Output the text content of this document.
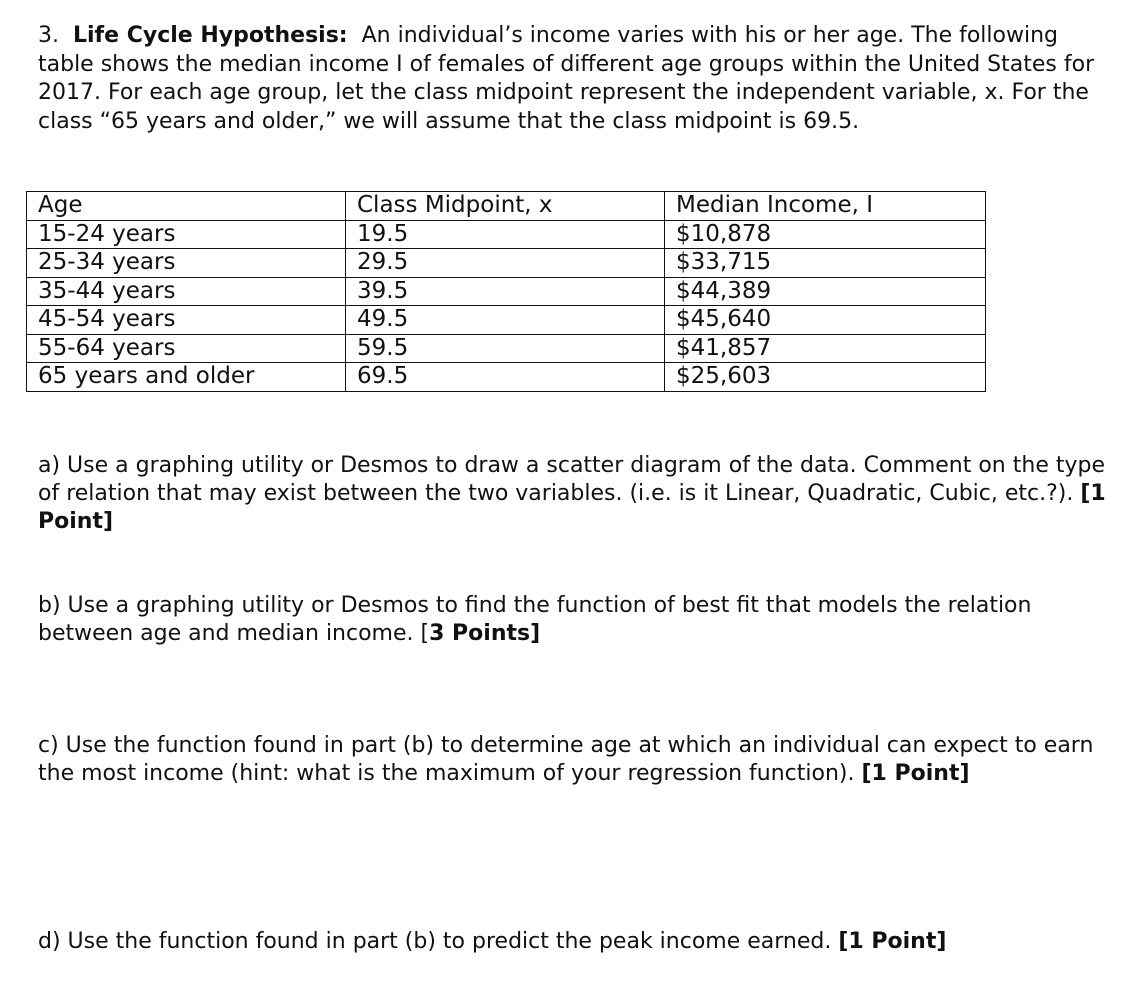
3. Life Cycle Hypothesis: An individual’s income varies with his or her age. The following table shows the median income I of females of different age groups within the United States for 2017. For each age group, let the class midpoint represent the independent variable, x. For the class “65 years and older,” we will assume that the class midpoint is 69.5.

Age	Class Midpoint, x	Median Income, I
15-24 years	19.5	$10,878
25-34 years	29.5	$33,715
35-44 years	39.5	$44,389
45-54 years	49.5	$45,640
55-64 years	59.5	$41,857
65 years and older	69.5	$25,603

a) Use a graphing utility or Desmos to draw a scatter diagram of the data. Comment on the type of relation that may exist between the two variables. (i.e. is it Linear, Quadratic, Cubic, etc.?). [1 Point]

b) Use a graphing utility or Desmos to find the function of best fit that models the relation between age and median income. [3 Points]

c) Use the function found in part (b) to determine age at which an individual can expect to earn the most income (hint: what is the maximum of your regression function). [1 Point]

d) Use the function found in part (b) to predict the peak income earned. [1 Point]
